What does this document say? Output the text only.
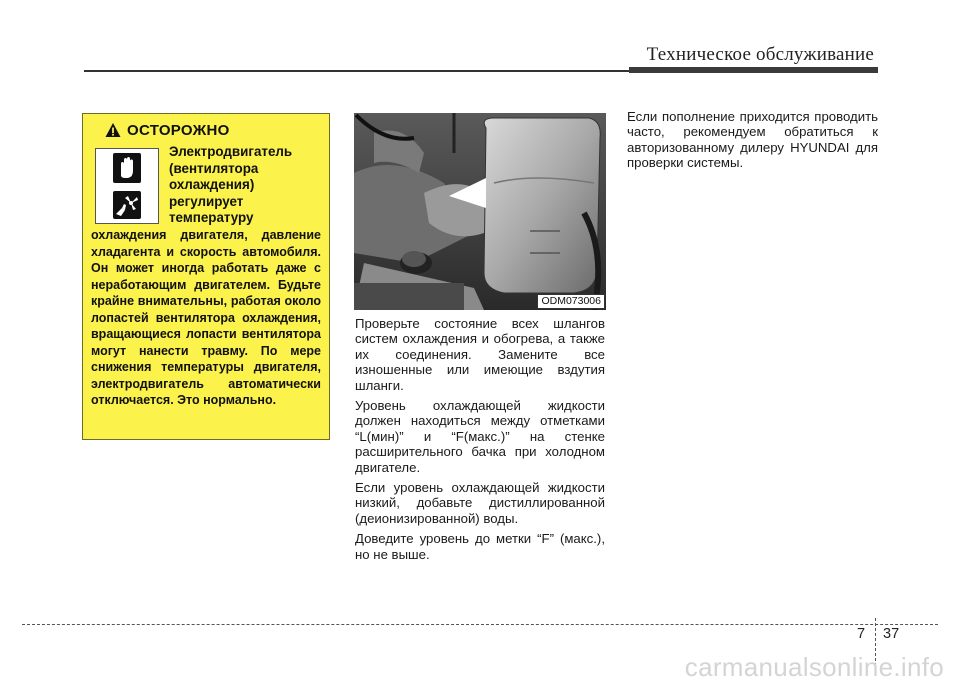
Техническое обслуживание
ОСТОРОЖНО
Электродвигатель
(вентилятора
охлаждения)
регулирует
температуру
охлаждения двигателя, давление хладагента и скорость автомобиля. Он может иногда работать даже с неработающим двигателем. Будьте крайне внимательны, работая около лопастей вентилятора охлаждения, вращающиеся лопасти вентилятора могут нанести травму. По мере снижения температуры двигателя, электродвигатель автоматически отключается. Это нормально.
ODM073006

Проверьте состояние всех шлангов систем охлаждения и обогрева, а также их соединения. Замените все изношенные или имеющие вздутия шланги.

Уровень охлаждающей жидкости должен находиться между отметками “L(мин)” и “F(макс.)” на стенке расширительного бачка при холодном двигателе.

Если уровень охлаждающей жидкости низкий, добавьте дистиллированной (деионизированной) воды.

Доведите уровень до метки “F” (макс.), но не выше.

Если пополнение приходится проводить часто, рекомендуем обратиться к авторизованному дилеру HYUNDAI для проверки системы.

7 37
carmanualsonline.info
